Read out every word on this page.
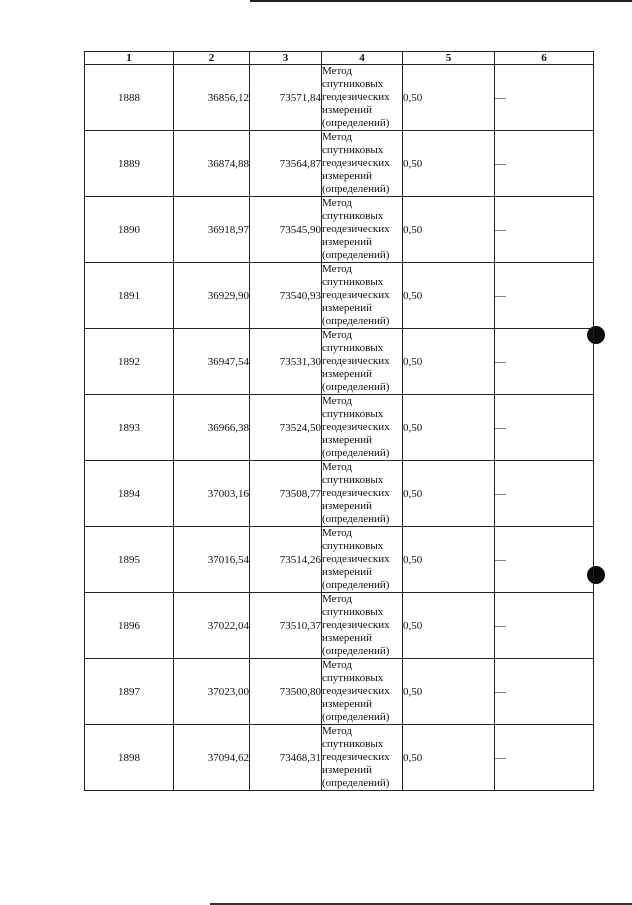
1	2	3	4	5	6
1888	36856,12	73571,84	Метод
спутниковых
геодезических
измерений
(определений)	0,50	—
1889	36874,88	73564,87	Метод
спутниковых
геодезических
измерений
(определений)	0,50	—
1890	36918,97	73545,90	Метод
спутниковых
геодезических
измерений
(определений)	0,50	—
1891	36929,90	73540,93	Метод
спутниковых
геодезических
измерений
(определений)	0,50	—
1892	36947,54	73531,30	Метод
спутниковых
геодезических
измерений
(определений)	0,50	—
1893	36966,38	73524,50	Метод
спутниковых
геодезических
измерений
(определений)	0,50	—
1894	37003,16	73508,77	Метод
спутниковых
геодезических
измерений
(определений)	0,50	—
1895	37016,54	73514,26	Метод
спутниковых
геодезических
измерений
(определений)	0,50	—
1896	37022,04	73510,37	Метод
спутниковых
геодезических
измерений
(определений)	0,50	—
1897	37023,00	73500,80	Метод
спутниковых
геодезических
измерений
(определений)	0,50	—
1898	37094,62	73468,31	Метод
спутниковых
геодезических
измерений
(определений)	0,50	—
